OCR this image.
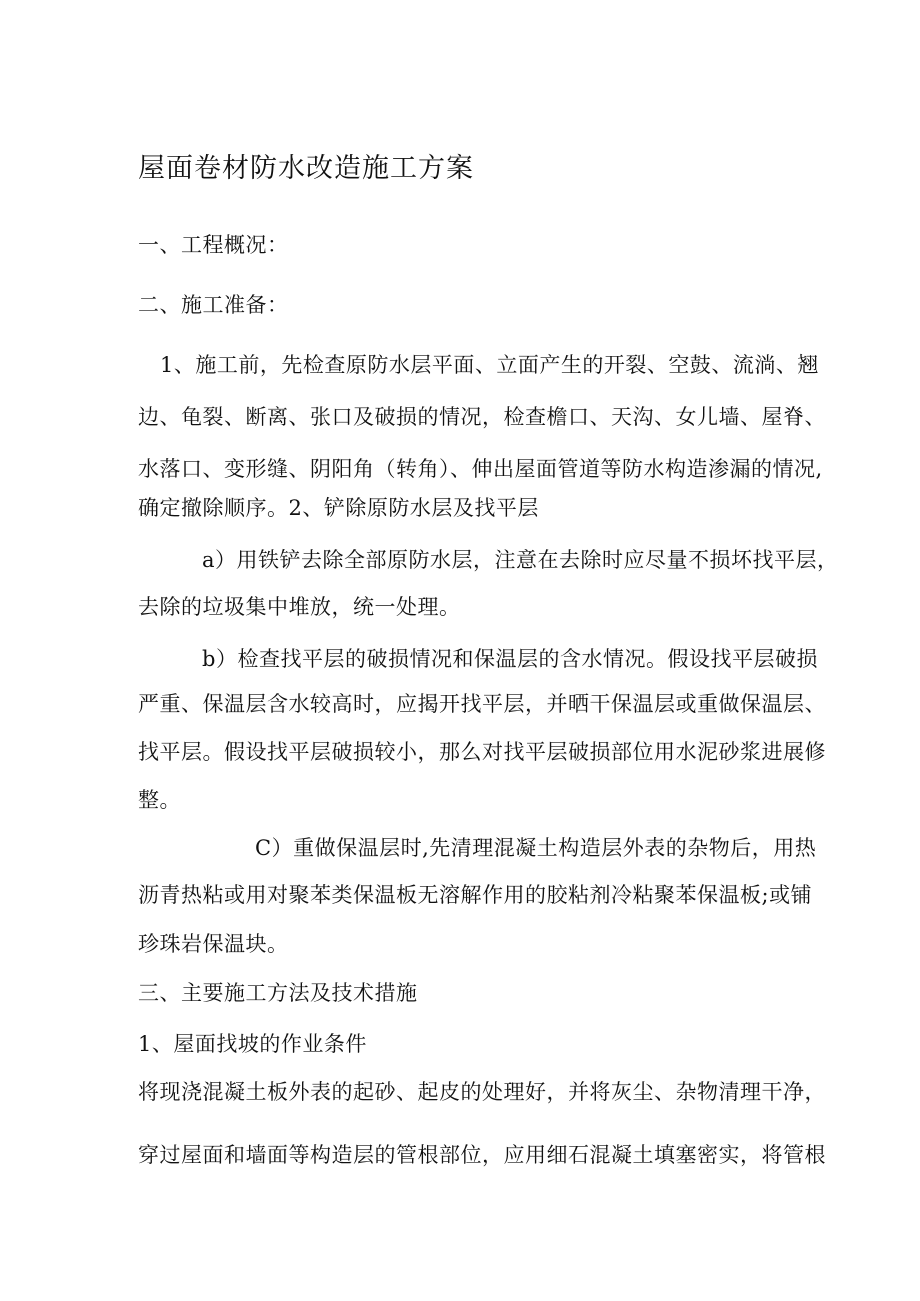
屋面卷材防水改造施工方案
一、工程概况：
二、施工准备：
1、施工前，先检查原防水层平面、立面产生的开裂、空鼓、流淌、翘
边、龟裂、断离、张口及破损的情况，检查檐口、天沟、女儿墙、屋脊、
水落口、变形缝、阴阳角（转角）、伸出屋面管道等防水构造渗漏的情况,
确定撤除顺序。2、铲除原防水层及找平层
a）用铁铲去除全部原防水层，注意在去除时应尽量不损坏找平层，
去除的垃圾集中堆放，统一处理。
b）检查找平层的破损情况和保温层的含水情况。假设找平层破损
严重、保温层含水较高时，应揭开找平层，并晒干保温层或重做保温层、
找平层。假设找平层破损较小，那么对找平层破损部位用水泥砂浆进展修
整。
C）重做保温层时,先清理混凝土构造层外表的杂物后，用热
沥青热粘或用对聚苯类保温板无溶解作用的胶粘剂冷粘聚苯保温板;或铺
珍珠岩保温块。
三、主要施工方法及技术措施
1、屋面找坡的作业条件
将现浇混凝土板外表的起砂、起皮的处理好，并将灰尘、杂物清理干净，
穿过屋面和墙面等构造层的管根部位，应用细石混凝土填塞密实，将管根
